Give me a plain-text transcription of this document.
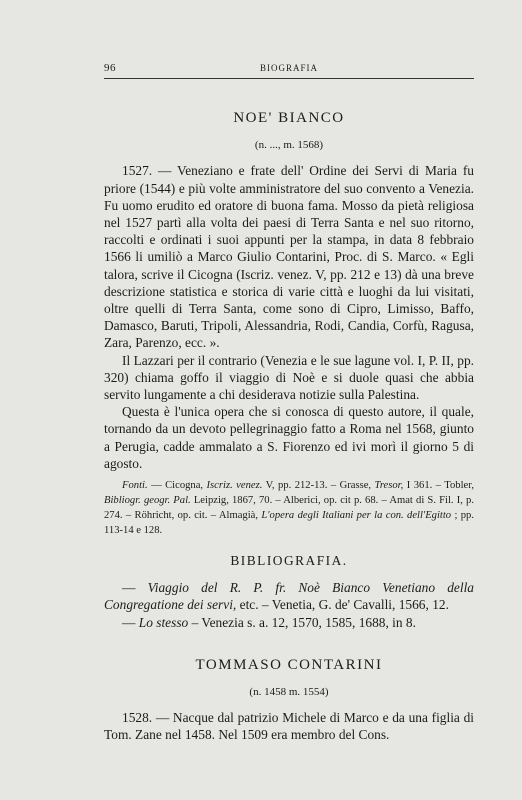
96	BIOGRAFIA
NOE' BIANCO
(n. ..., m. 1568)

1527. — Veneziano e frate dell' Ordine dei Servi di Maria fu priore (1544) e più volte amministratore del suo convento a Venezia. Fu uomo erudito ed oratore di buona fama. Mosso da pietà religiosa nel 1527 partì alla volta dei paesi di Terra Santa e nel suo ritorno, raccolti e ordinati i suoi appunti per la stampa, in data 8 febbraio 1566 li umiliò a Marco Giulio Contarini, Proc. di S. Marco. « Egli talora, scrive il Cicogna (Iscriz. venez. V, pp. 212 e 13) dà una breve descrizione statistica e storica di varie città e luoghi da lui visitati, oltre quelli di Terra Santa, come sono di Cipro, Limisso, Baffo, Damasco, Baruti, Tripoli, Alessandria, Rodi, Candia, Corfù, Ragusa, Zara, Parenzo, ecc. ».

Il Lazzari per il contrario (Venezia e le sue lagune vol. I, P. II, pp. 320) chiama goffo il viaggio di Noè e si duole quasi che abbia servito lungamente a chi desiderava notizie sulla Palestina.

Questa è l'unica opera che si conosca di questo autore, il quale, tornando da un devoto pellegrinaggio fatto a Roma nel 1568, giunto a Perugia, cadde ammalato a S. Fiorenzo ed ivi morì il giorno 5 di agosto.

Fonti. — Cicogna, Iscriz. venez. V, pp. 212-13. – Grasse, Tresor, I 361. – Tobler, Bibliogr. geogr. Pal. Leipzig, 1867, 70. – Alberici, op. cit p. 68. – Amat di S. Fil. I, p. 274. – Röhricht, op. cit. – Almagià, L'opera degli Italiani per la con. dell'Egitto ; pp. 113-14 e 128.
BIBLIOGRAFIA.

— Viaggio del R. P. fr. Noè Bianco Venetiano della Congregatione dei servi, etc. – Venetia, G. de' Cavalli, 1566, 12.

— Lo stesso – Venezia s. a. 12, 1570, 1585, 1688, in 8.

TOMMASO CONTARINI
(n. 1458 m. 1554)

1528. — Nacque dal patrizio Michele di Marco e da una figlia di Tom. Zane nel 1458. Nel 1509 era membro del Cons.
